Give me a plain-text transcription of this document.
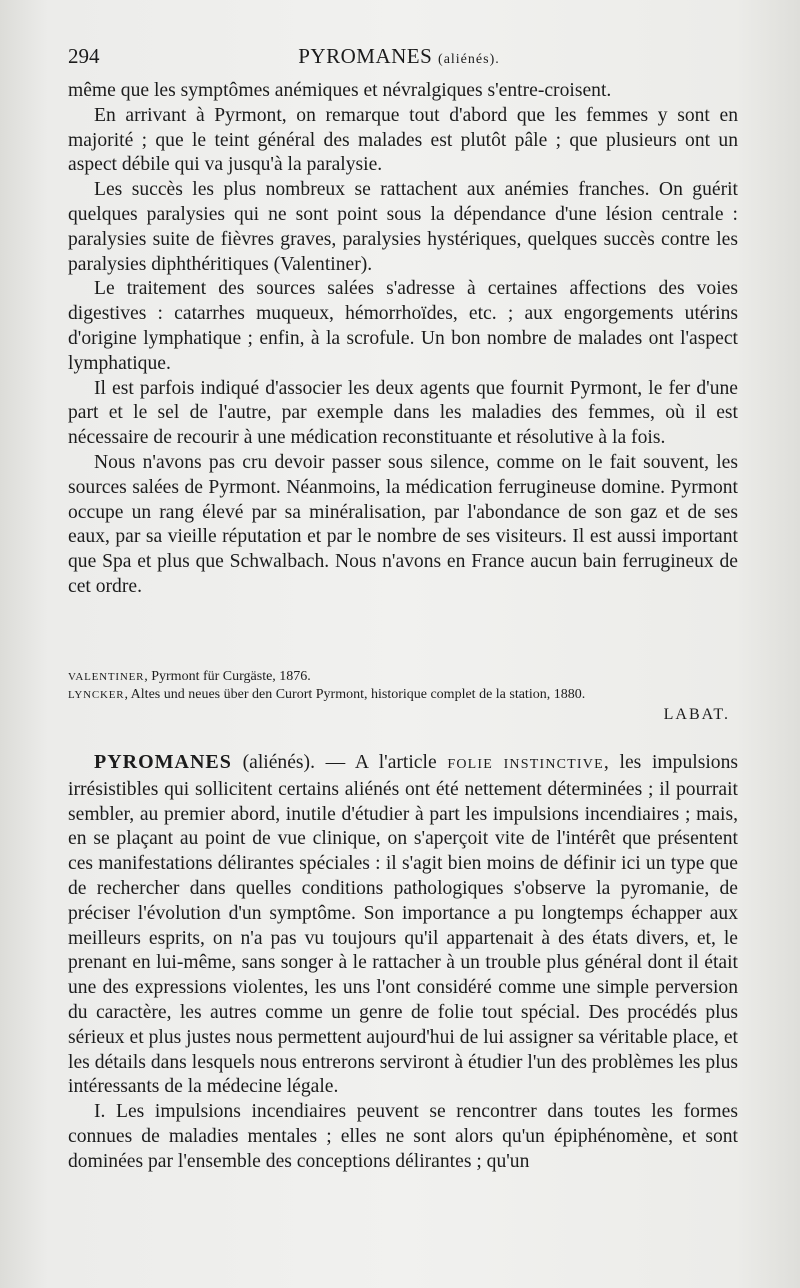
294	PYROMANES (aliénés).

même que les symptômes anémiques et névralgiques s'entre-croisent.

En arrivant à Pyrmont, on remarque tout d'abord que les femmes y sont en majorité ; que le teint général des malades est plutôt pâle ; que plusieurs ont un aspect débile qui va jusqu'à la paralysie.

Les succès les plus nombreux se rattachent aux anémies franches. On guérit quelques paralysies qui ne sont point sous la dépendance d'une lésion centrale : paralysies suite de fièvres graves, paralysies hystériques, quelques succès contre les paralysies diphthéritiques (Valentiner).

Le traitement des sources salées s'adresse à certaines affections des voies digestives : catarrhes muqueux, hémorrhoïdes, etc. ; aux engorgements utérins d'origine lymphatique ; enfin, à la scrofule. Un bon nombre de malades ont l'aspect lymphatique.

Il est parfois indiqué d'associer les deux agents que fournit Pyrmont, le fer d'une part et le sel de l'autre, par exemple dans les maladies des femmes, où il est nécessaire de recourir à une médication reconstituante et résolutive à la fois.

Nous n'avons pas cru devoir passer sous silence, comme on le fait souvent, les sources salées de Pyrmont. Néanmoins, la médication ferrugineuse domine. Pyrmont occupe un rang élevé par sa minéralisation, par l'abondance de son gaz et de ses eaux, par sa vieille réputation et par le nombre de ses visiteurs. Il est aussi important que Spa et plus que Schwalbach. Nous n'avons en France aucun bain ferrugineux de cet ordre.

VALENTINER, Pyrmont für Curgäste, 1876.
LYNCKER, Altes und neues über den Curort Pyrmont, historique complet de la station, 1880.
LABAT.

PYROMANES (aliénés). — A l'article FOLIE INSTINCTIVE, les impulsions irrésistibles qui sollicitent certains aliénés ont été nettement déterminées ; il pourrait sembler, au premier abord, inutile d'étudier à part les impulsions incendiaires ; mais, en se plaçant au point de vue clinique, on s'aperçoit vite de l'intérêt que présentent ces manifestations délirantes spéciales : il s'agit bien moins de définir ici un type que de rechercher dans quelles conditions pathologiques s'observe la pyromanie, de préciser l'évolution d'un symptôme. Son importance a pu longtemps échapper aux meilleurs esprits, on n'a pas vu toujours qu'il appartenait à des états divers, et, le prenant en lui-même, sans songer à le rattacher à un trouble plus général dont il était une des expressions violentes, les uns l'ont considéré comme une simple perversion du caractère, les autres comme un genre de folie tout spécial. Des procédés plus sérieux et plus justes nous permettent aujourd'hui de lui assigner sa véritable place, et les détails dans lesquels nous entrerons serviront à étudier l'un des problèmes les plus intéressants de la médecine légale.

I. Les impulsions incendiaires peuvent se rencontrer dans toutes les formes connues de maladies mentales ; elles ne sont alors qu'un épiphénomène, et sont dominées par l'ensemble des conceptions délirantes ; qu'un
